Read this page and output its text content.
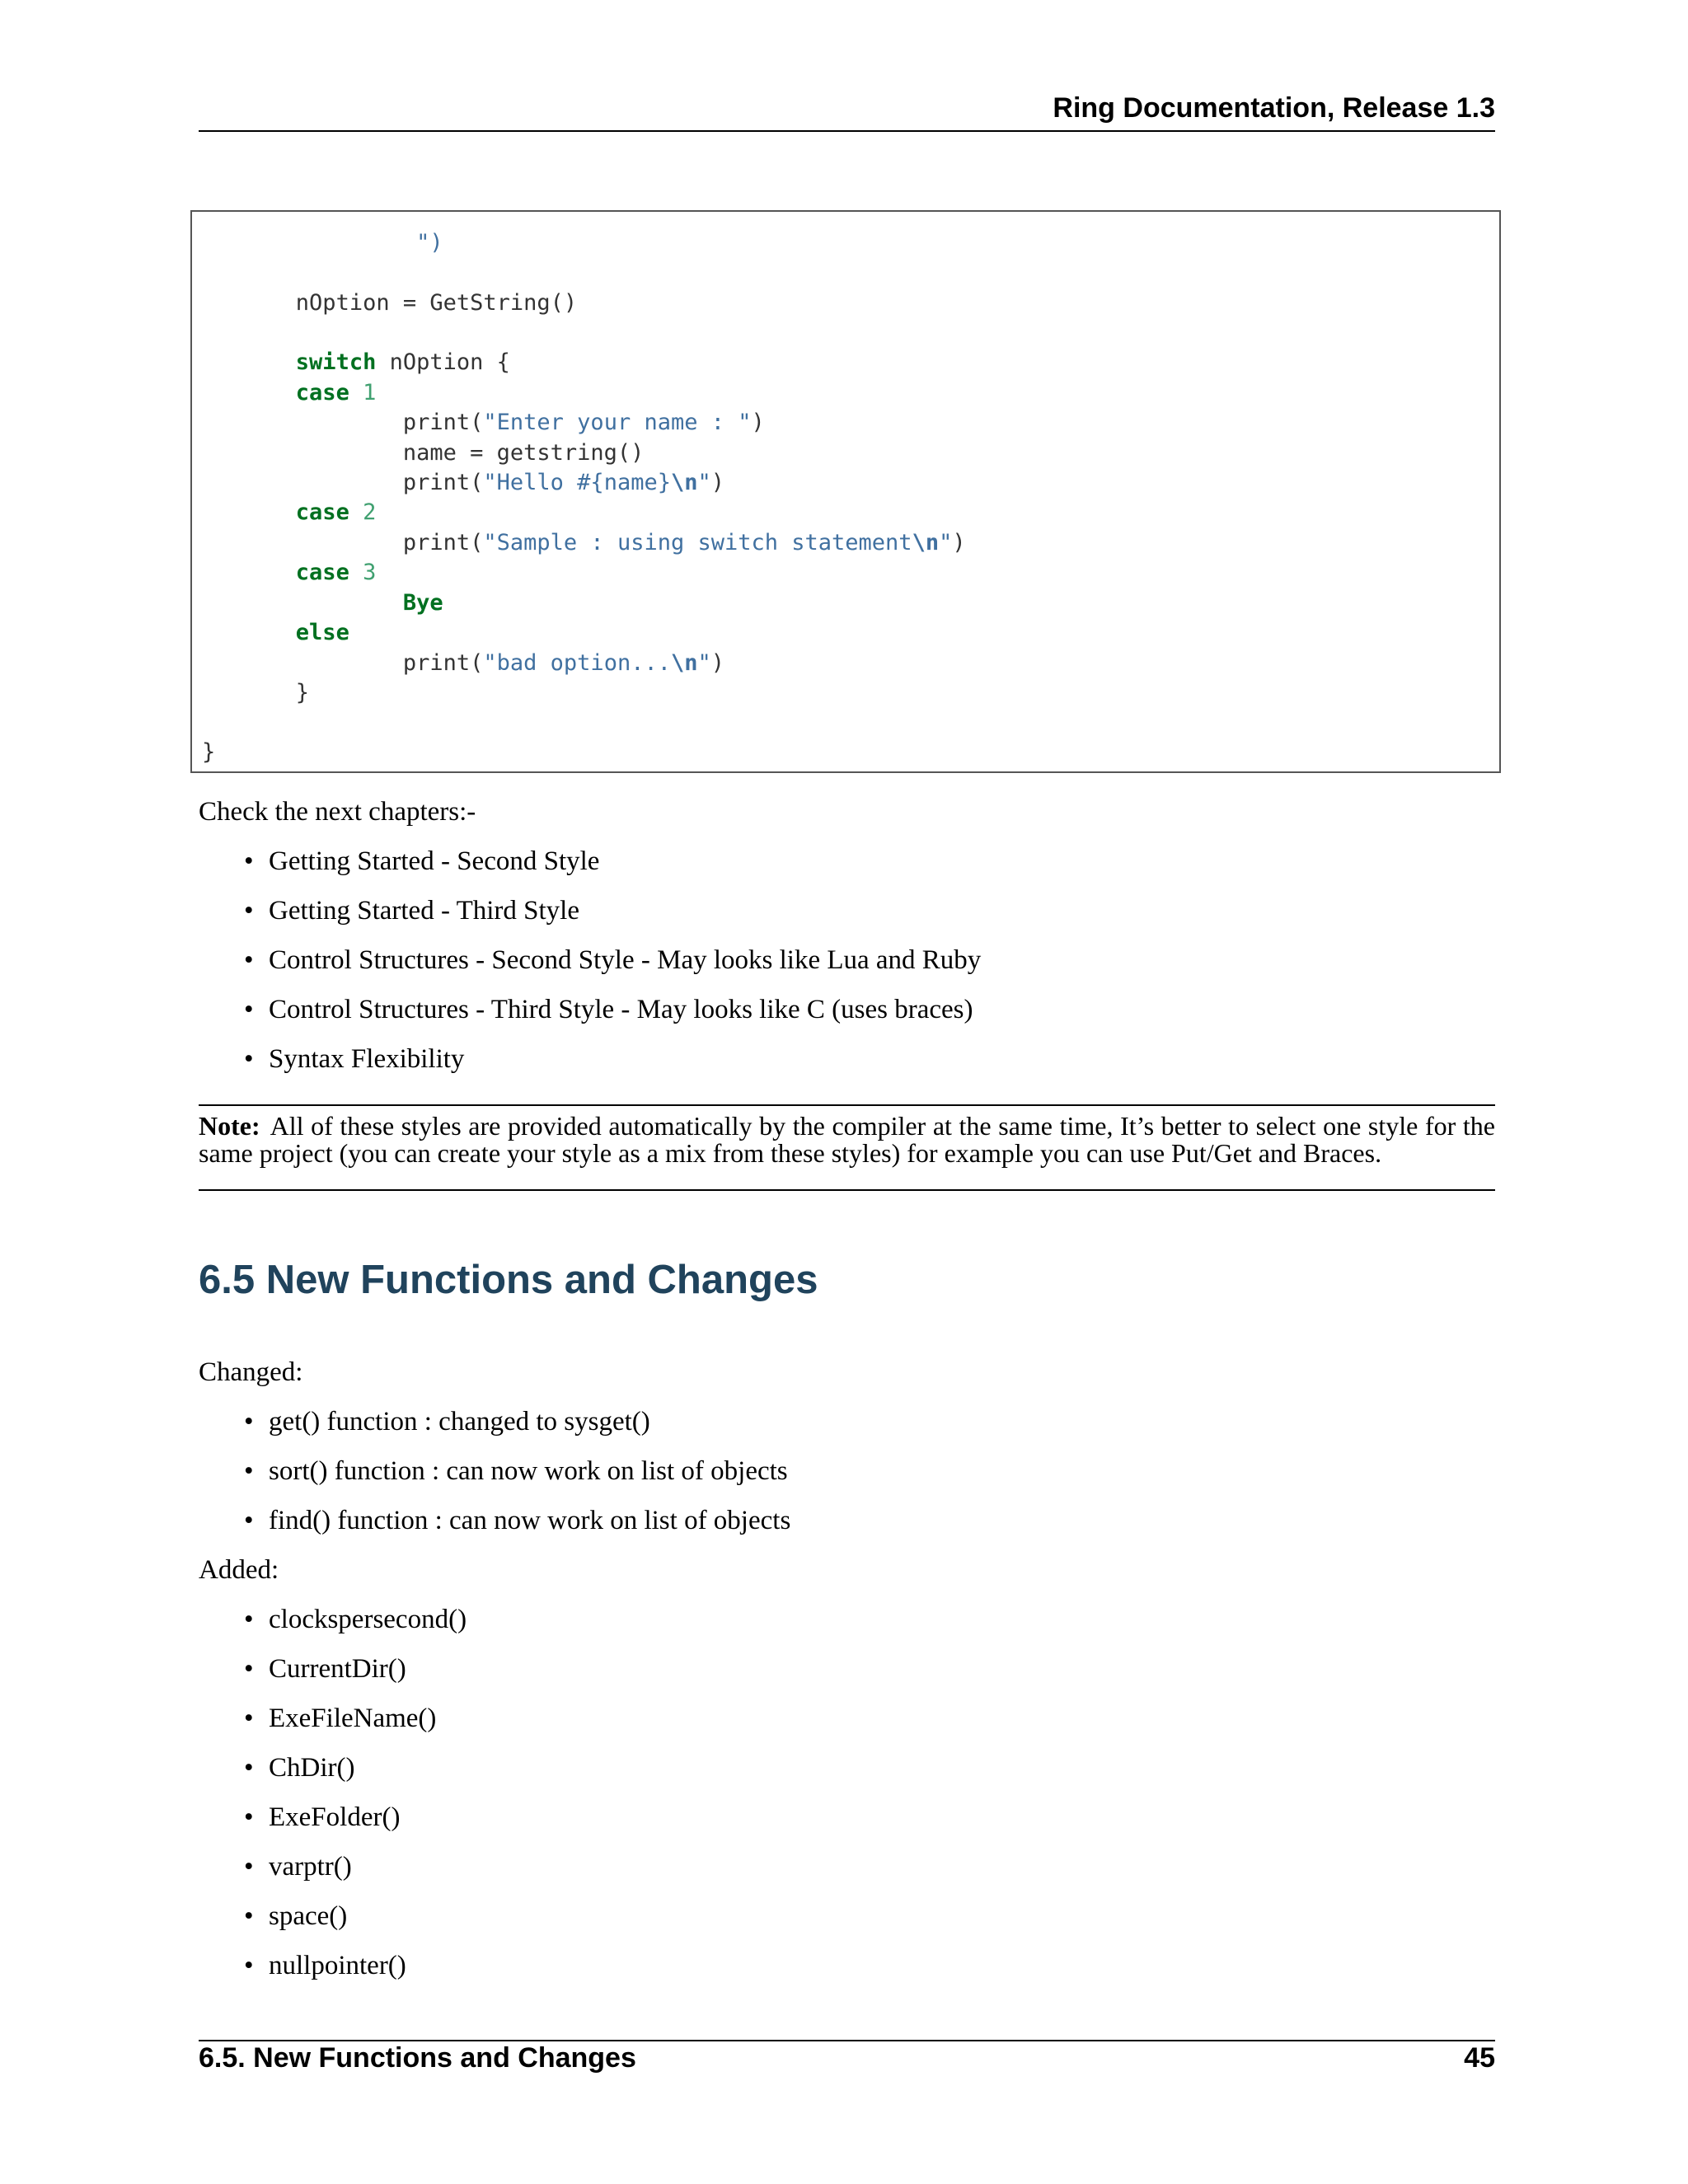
Ring Documentation, Release 1.3
")
nOption = GetString()
switch nOption {
case 1
print("Enter your name : ")
name = getstring()
print("Hello #{name}\n")
case 2
print("Sample : using switch statement\n")
case 3
Bye
else
print("bad option...\n")
}
}
Check the next chapters:-
• Getting Started - Second Style
• Getting Started - Third Style
• Control Structures - Second Style - May looks like Lua and Ruby
• Control Structures - Third Style - May looks like C (uses braces)
• Syntax Flexibility
Note: All of these styles are provided automatically by the compiler at the same time, It’s better to select one style for the same project (you can create your style as a mix from these styles) for example you can use Put/Get and Braces.
6.5 New Functions and Changes
Changed:
• get() function : changed to sysget()
• sort() function : can now work on list of objects
• find() function : can now work on list of objects
Added:
• clockspersecond()
• CurrentDir()
• ExeFileName()
• ChDir()
• ExeFolder()
• varptr()
• space()
• nullpointer()
6.5. New Functions and Changes	45
